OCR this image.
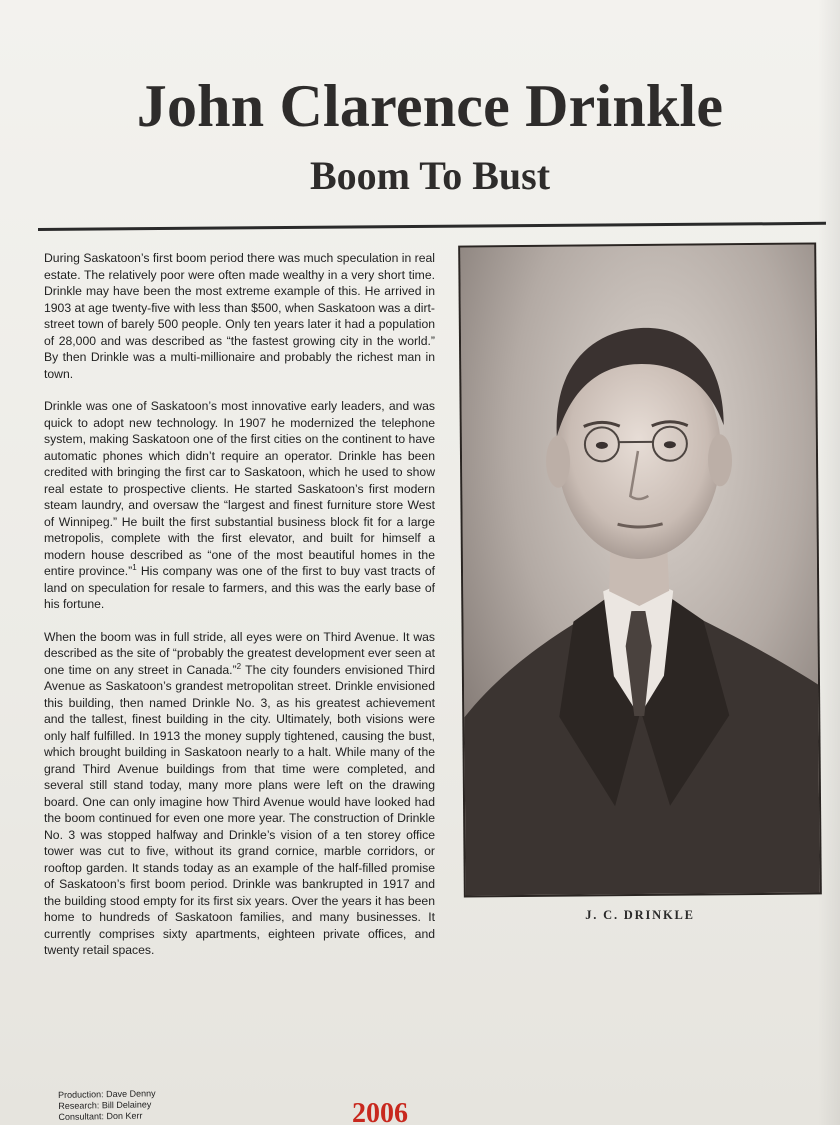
John Clarence Drinkle
Boom To Bust

During Saskatoon’s first boom period there was much speculation in real estate. The relatively poor were often made wealthy in a very short time. Drinkle may have been the most extreme example of this. He arrived in 1903 at age twenty-five with less than $500, when Saskatoon was a dirt-street town of barely 500 people. Only ten years later it had a population of 28,000 and was described as “the fastest growing city in the world.” By then Drinkle was a multi-millionaire and probably the richest man in town.

Drinkle was one of Saskatoon’s most innovative early leaders, and was quick to adopt new technology. In 1907 he modernized the telephone system, making Saskatoon one of the first cities on the continent to have automatic phones which didn’t require an operator. Drinkle has been credited with bringing the first car to Saskatoon, which he used to show real estate to prospective clients. He started Saskatoon’s first modern steam laundry, and oversaw the “largest and finest furniture store West of Winnipeg.” He built the first substantial business block fit for a large metropolis, complete with the first elevator, and built for himself a modern house described as “one of the most beautiful homes in the entire province.”$^1$ His company was one of the first to buy vast tracts of land on speculation for resale to farmers, and this was the early base of his fortune.

When the boom was in full stride, all eyes were on Third Avenue. It was described as the site of “probably the greatest development ever seen at one time on any street in Canada.”$^2$ The city founders envisioned Third Avenue as Saskatoon’s grandest metropolitan street. Drinkle envisioned this building, then named Drinkle No. 3, as his greatest achievement and the tallest, finest building in the city. Ultimately, both visions were only half fulfilled. In 1913 the money supply tightened, causing the bust, which brought building in Saskatoon nearly to a halt. While many of the grand Third Avenue buildings from that time were completed, and several still stand today, many more plans were left on the drawing board. One can only imagine how Third Avenue would have looked had the boom continued for even one more year. The construction of Drinkle No. 3 was stopped halfway and Drinkle’s vision of a ten storey office tower was cut to five, without its grand cornice, marble corridors, or rooftop garden. It stands today as an example of the half-filled promise of Saskatoon’s first boom period. Drinkle was bankrupted in 1917 and the building stood empty for its first six years. Over the years it has been home to hundreds of Saskatoon families, and many businesses. It currently comprises sixty apartments, eighteen private offices, and twenty retail spaces.

J. C. DRINKLE

Production: Dave Denny
Research: Bill Delainey
Consultant: Don Kerr	2006
